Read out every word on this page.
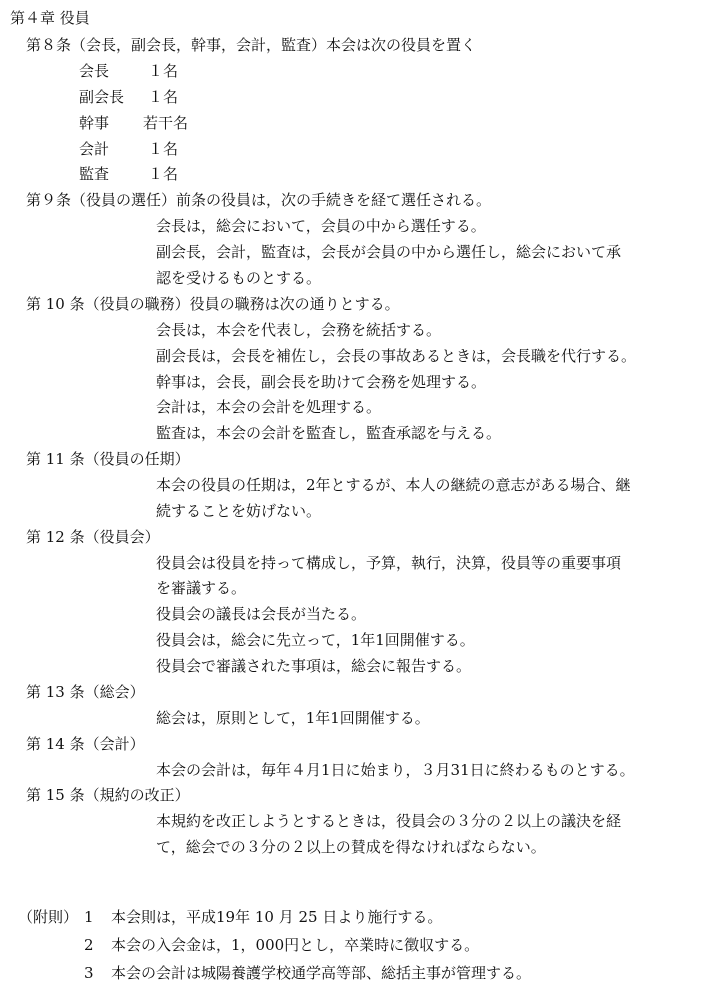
第４章 役員
第８条（会長，副会長，幹事，会計，監査）本会は次の役員を置く
会長	１名
副会長 １名
幹事 若干名
会計	１名
監査	１名
第９条（役員の選任）前条の役員は，次の手続きを経て選任される。
会長は，総会において，会員の中から選任する。
副会長，会計，監査は，会長が会員の中から選任し，総会において承
認を受けるものとする。
第 10 条（役員の職務）役員の職務は次の通りとする。
会長は，本会を代表し，会務を統括する。
副会長は，会長を補佐し，会長の事故あるときは，会長職を代行する。
幹事は，会長，副会長を助けて会務を処理する。
会計は，本会の会計を処理する。
監査は，本会の会計を監査し，監査承認を与える。
第 11 条（役員の任期）
本会の役員の任期は，2年とするが、本人の継続の意志がある場合、継
続することを妨げない。
第 12 条（役員会）
役員会は役員を持って構成し，予算，執行，決算，役員等の重要事項
を審議する。
役員会の議長は会長が当たる。
役員会は，総会に先立って，1年1回開催する。
役員会で審議された事項は，総会に報告する。
第 13 条（総会）
総会は，原則として，1年1回開催する。
第 14 条（会計）
本会の会計は，毎年４月1日に始まり，３月31日に終わるものとする。
第 15 条（規約の改正）
本規約を改正しようとするときは，役員会の３分の２以上の議決を経
て，総会での３分の２以上の賛成を得なければならない。
（附則） 1 本会則は，平成19年 10 月 25 日より施行する。
2 本会の入会金は，1，000円とし，卒業時に徴収する。
3 本会の会計は城陽養護学校通学高等部、総括主事が管理する。
